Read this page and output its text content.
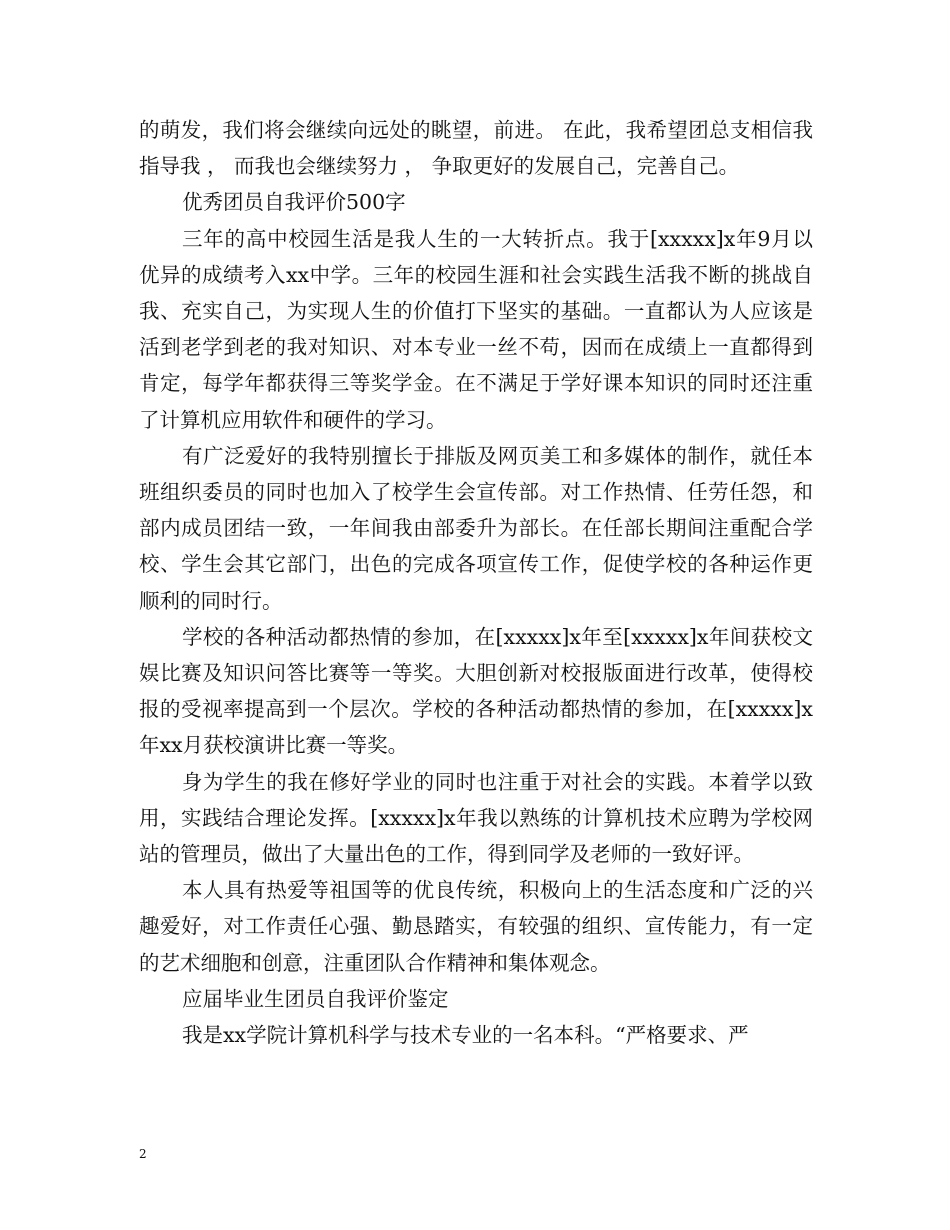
的萌发，我们将会继续向远处的眺望，前进。 在此，我希望团总支相信我指导我 ， 而我也会继续努力 ， 争取更好的发展自己，完善自己。

优秀团员自我评价500字

三年的高中校园生活是我人生的一大转折点。我于[xxxxx]x年9月以优异的成绩考入xx中学。三年的校园生涯和社会实践生活我不断的挑战自我、充实自己，为实现人生的价值打下坚实的基础。一直都认为人应该是活到老学到老的我对知识、对本专业一丝不苟，因而在成绩上一直都得到肯定，每学年都获得三等奖学金。在不满足于学好课本知识的同时还注重了计算机应用软件和硬件的学习。

有广泛爱好的我特别擅长于排版及网页美工和多媒体的制作，就任本班组织委员的同时也加入了校学生会宣传部。对工作热情、任劳任怨，和部内成员团结一致，一年间我由部委升为部长。在任部长期间注重配合学校、学生会其它部门，出色的完成各项宣传工作，促使学校的各种运作更顺利的同时行。

学校的各种活动都热情的参加，在[xxxxx]x年至[xxxxx]x年间获校文娱比赛及知识问答比赛等一等奖。大胆创新对校报版面进行改革，使得校报的受视率提高到一个层次。学校的各种活动都热情的参加，在[xxxxx]x年xx月获校演讲比赛一等奖。

身为学生的我在修好学业的同时也注重于对社会的实践。本着学以致用，实践结合理论发挥。[xxxxx]x年我以熟练的计算机技术应聘为学校网站的管理员，做出了大量出色的工作，得到同学及老师的一致好评。

本人具有热爱等祖国等的优良传统，积极向上的生活态度和广泛的兴趣爱好，对工作责任心强、勤恳踏实，有较强的组织、宣传能力，有一定的艺术细胞和创意，注重团队合作精神和集体观念。

应届毕业生团员自我评价鉴定

我是xx学院计算机科学与技术专业的一名本科。“严格要求、严

2
